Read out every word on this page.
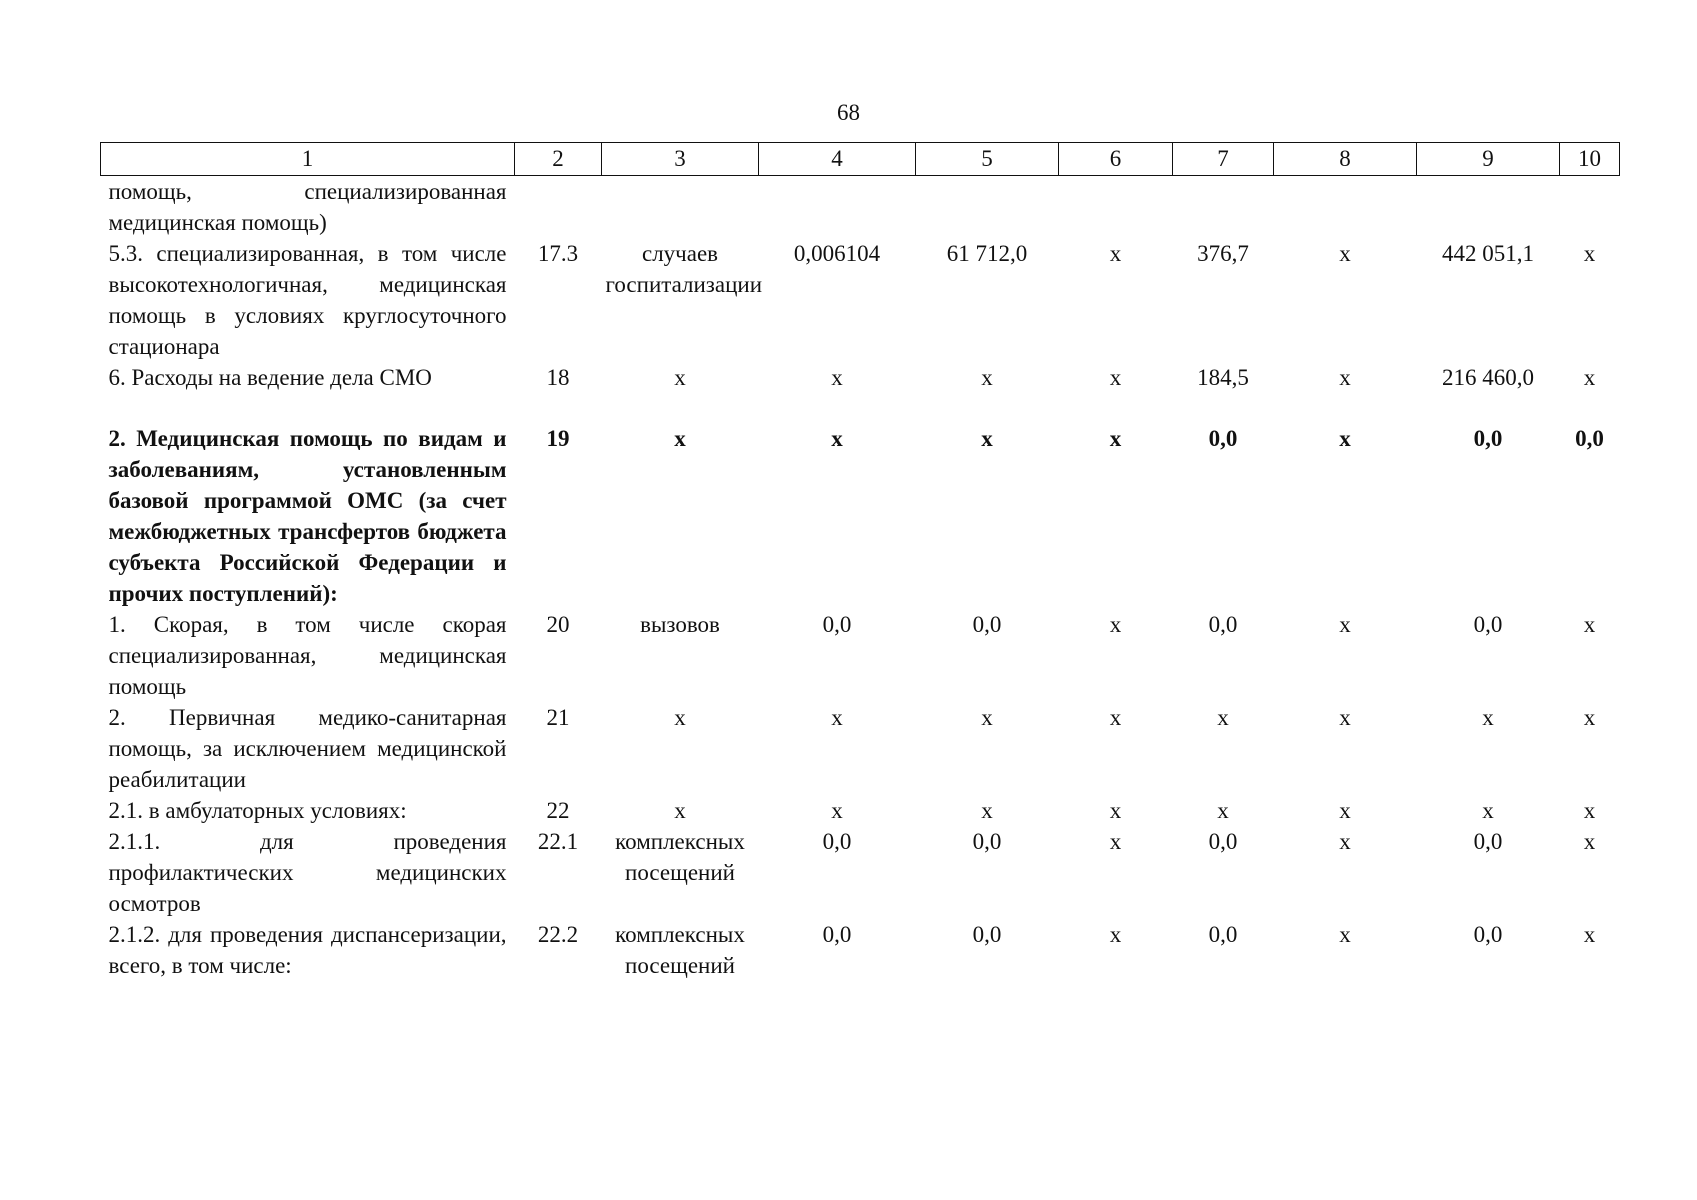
68
1	2	3	4	5	6	7	8	9	10
помощь, специализированная медицинская помощь)									
5.3. специализированная, в том числе высокотехнологичная, медицинская помощь в условиях круглосуточного стационара	17.3	случаев госпитализации	0,006104	61 712,0	х	376,7	х	442 051,1	х
6. Расходы на ведение дела СМО	18	х	х	х	х	184,5	х	216 460,0	х
2. Медицинская помощь по видам и заболеваниям, установленным базовой программой ОМС (за счет межбюджетных трансфертов бюджета субъекта Российской Федерации и прочих поступлений):	19	х	х	х	х	0,0	х	0,0	0,0
1. Скорая, в том числе скорая специализированная, медицинская помощь	20	вызовов	0,0	0,0	х	0,0	х	0,0	х
2. Первичная медико-санитарная помощь, за исключением медицинской реабилитации	21	х	х	х	х	х	х	х	х
2.1. в амбулаторных условиях:	22	х	х	х	х	х	х	х	х
2.1.1. для проведения профилактических медицинских осмотров	22.1	комплексных посещений	0,0	0,0	х	0,0	х	0,0	х
2.1.2. для проведения диспансеризации, всего, в том числе:	22.2	комплексных посещений	0,0	0,0	х	0,0	х	0,0	х
